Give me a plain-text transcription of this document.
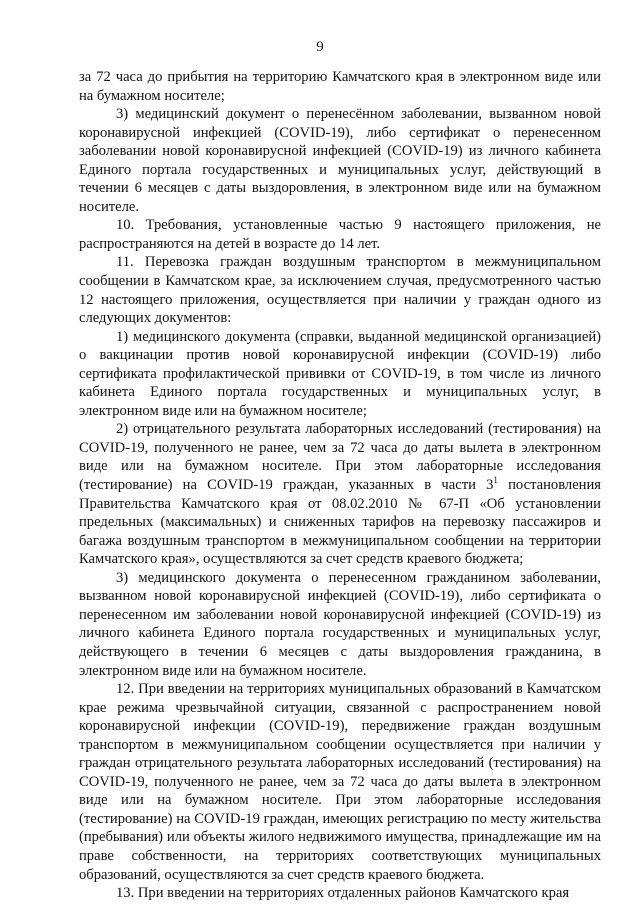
9

за 72 часа до прибытия на территорию Камчатского края в электронном виде или на бумажном носителе;

3) медицинский документ о перенесённом заболевании, вызванном новой коронавирусной инфекцией (COVID-19), либо сертификат о перенесенном заболевании новой коронавирусной инфекцией (COVID-19) из личного кабинета Единого портала государственных и муниципальных услуг, действующий в течении 6 месяцев с даты выздоровления, в электронном виде или на бумажном носителе.

10. Требования, установленные частью 9 настоящего приложения, не распространяются на детей в возрасте до 14 лет.

11. Перевозка граждан воздушным транспортом в межмуниципальном сообщении в Камчатском крае, за исключением случая, предусмотренного частью 12 настоящего приложения, осуществляется при наличии у граждан одного из следующих документов:

1) медицинского документа (справки, выданной медицинской организацией) о вакцинации против новой коронавирусной инфекции (COVID-19) либо сертификата профилактической прививки от COVID-19, в том числе из личного кабинета Единого портала государственных и муниципальных услуг, в электронном виде или на бумажном носителе;

2) отрицательного результата лабораторных исследований (тестирования) на COVID-19, полученного не ранее, чем за 72 часа до даты вылета в электронном виде или на бумажном носителе. При этом лабораторные исследования (тестирование) на COVID-19 граждан, указанных в части $3^1$ постановления Правительства Камчатского края от 08.02.2010 № 67-П «Об установлении предельных (максимальных) и сниженных тарифов на перевозку пассажиров и багажа воздушным транспортом в межмуниципальном сообщении на территории Камчатского края», осуществляются за счет средств краевого бюджета;

3) медицинского документа о перенесенном гражданином заболевании, вызванном новой коронавирусной инфекцией (COVID-19), либо сертификата о перенесенном им заболевании новой коронавирусной инфекцией (COVID-19) из личного кабинета Единого портала государственных и муниципальных услуг, действующего в течении 6 месяцев с даты выздоровления гражданина, в электронном виде или на бумажном носителе.

12. При введении на территориях муниципальных образований в Камчатском крае режима чрезвычайной ситуации, связанной с распространением новой коронавирусной инфекции (COVID-19), передвижение граждан воздушным транспортом в межмуниципальном сообщении осуществляется при наличии у граждан отрицательного результата лабораторных исследований (тестирования) на COVID-19, полученного не ранее, чем за 72 часа до даты вылета в электронном виде или на бумажном носителе. При этом лабораторные исследования (тестирование) на COVID-19 граждан, имеющих регистрацию по месту жительства (пребывания) или объекты жилого недвижимого имущества, принадлежащие им на праве собственности, на территориях соответствующих муниципальных образований, осуществляются за счет средств краевого бюджета.

13. При введении на территориях отдаленных районов Камчатского края
